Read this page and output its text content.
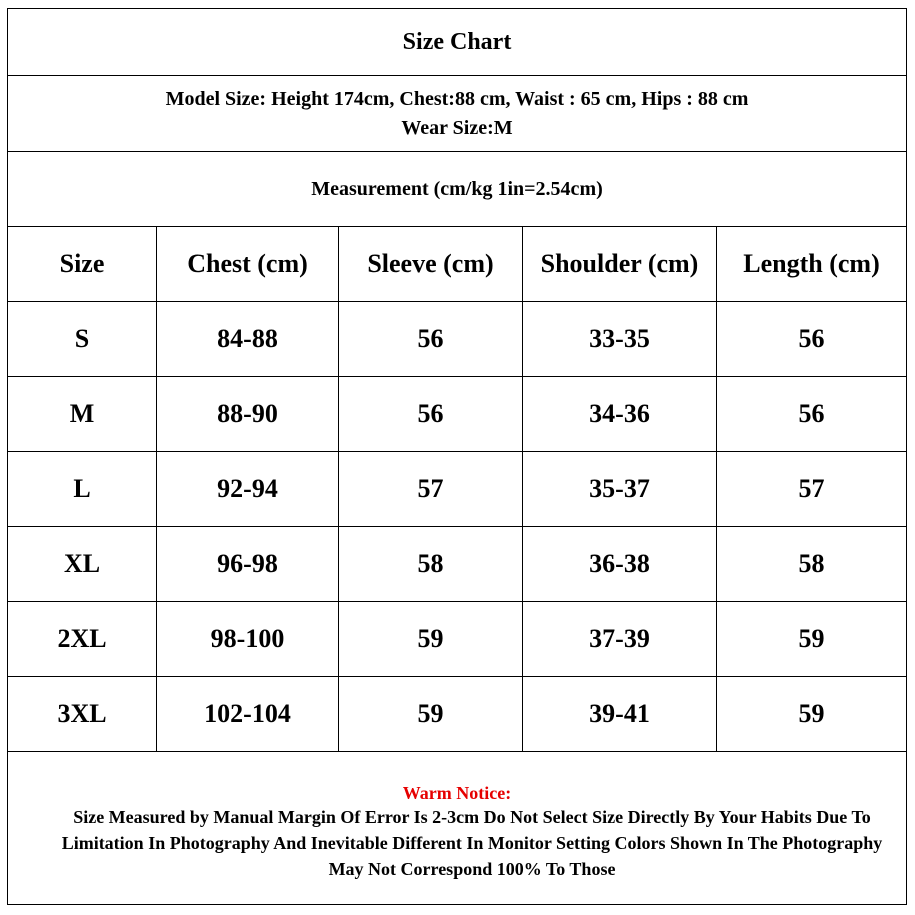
Size Chart
Model Size: Height 174cm, Chest:88 cm, Waist : 65 cm, Hips : 88 cm
Wear Size:M
Measurement (cm/kg 1in=2.54cm)
Size	Chest (cm)	Sleeve (cm)	Shoulder (cm)	Length (cm)
S	84-88	56	33-35	56
M	88-90	56	34-36	56
L	92-94	57	35-37	57
XL	96-98	58	36-38	58
2XL	98-100	59	37-39	59
3XL	102-104	59	39-41	59
Warm Notice:
Size Measured by Manual Margin Of Error Is 2-3cm Do Not Select Size Directly By Your Habits Due To Limitation In Photography And Inevitable Different In Monitor Setting Colors Shown In The Photography May Not Correspond 100% To Those
